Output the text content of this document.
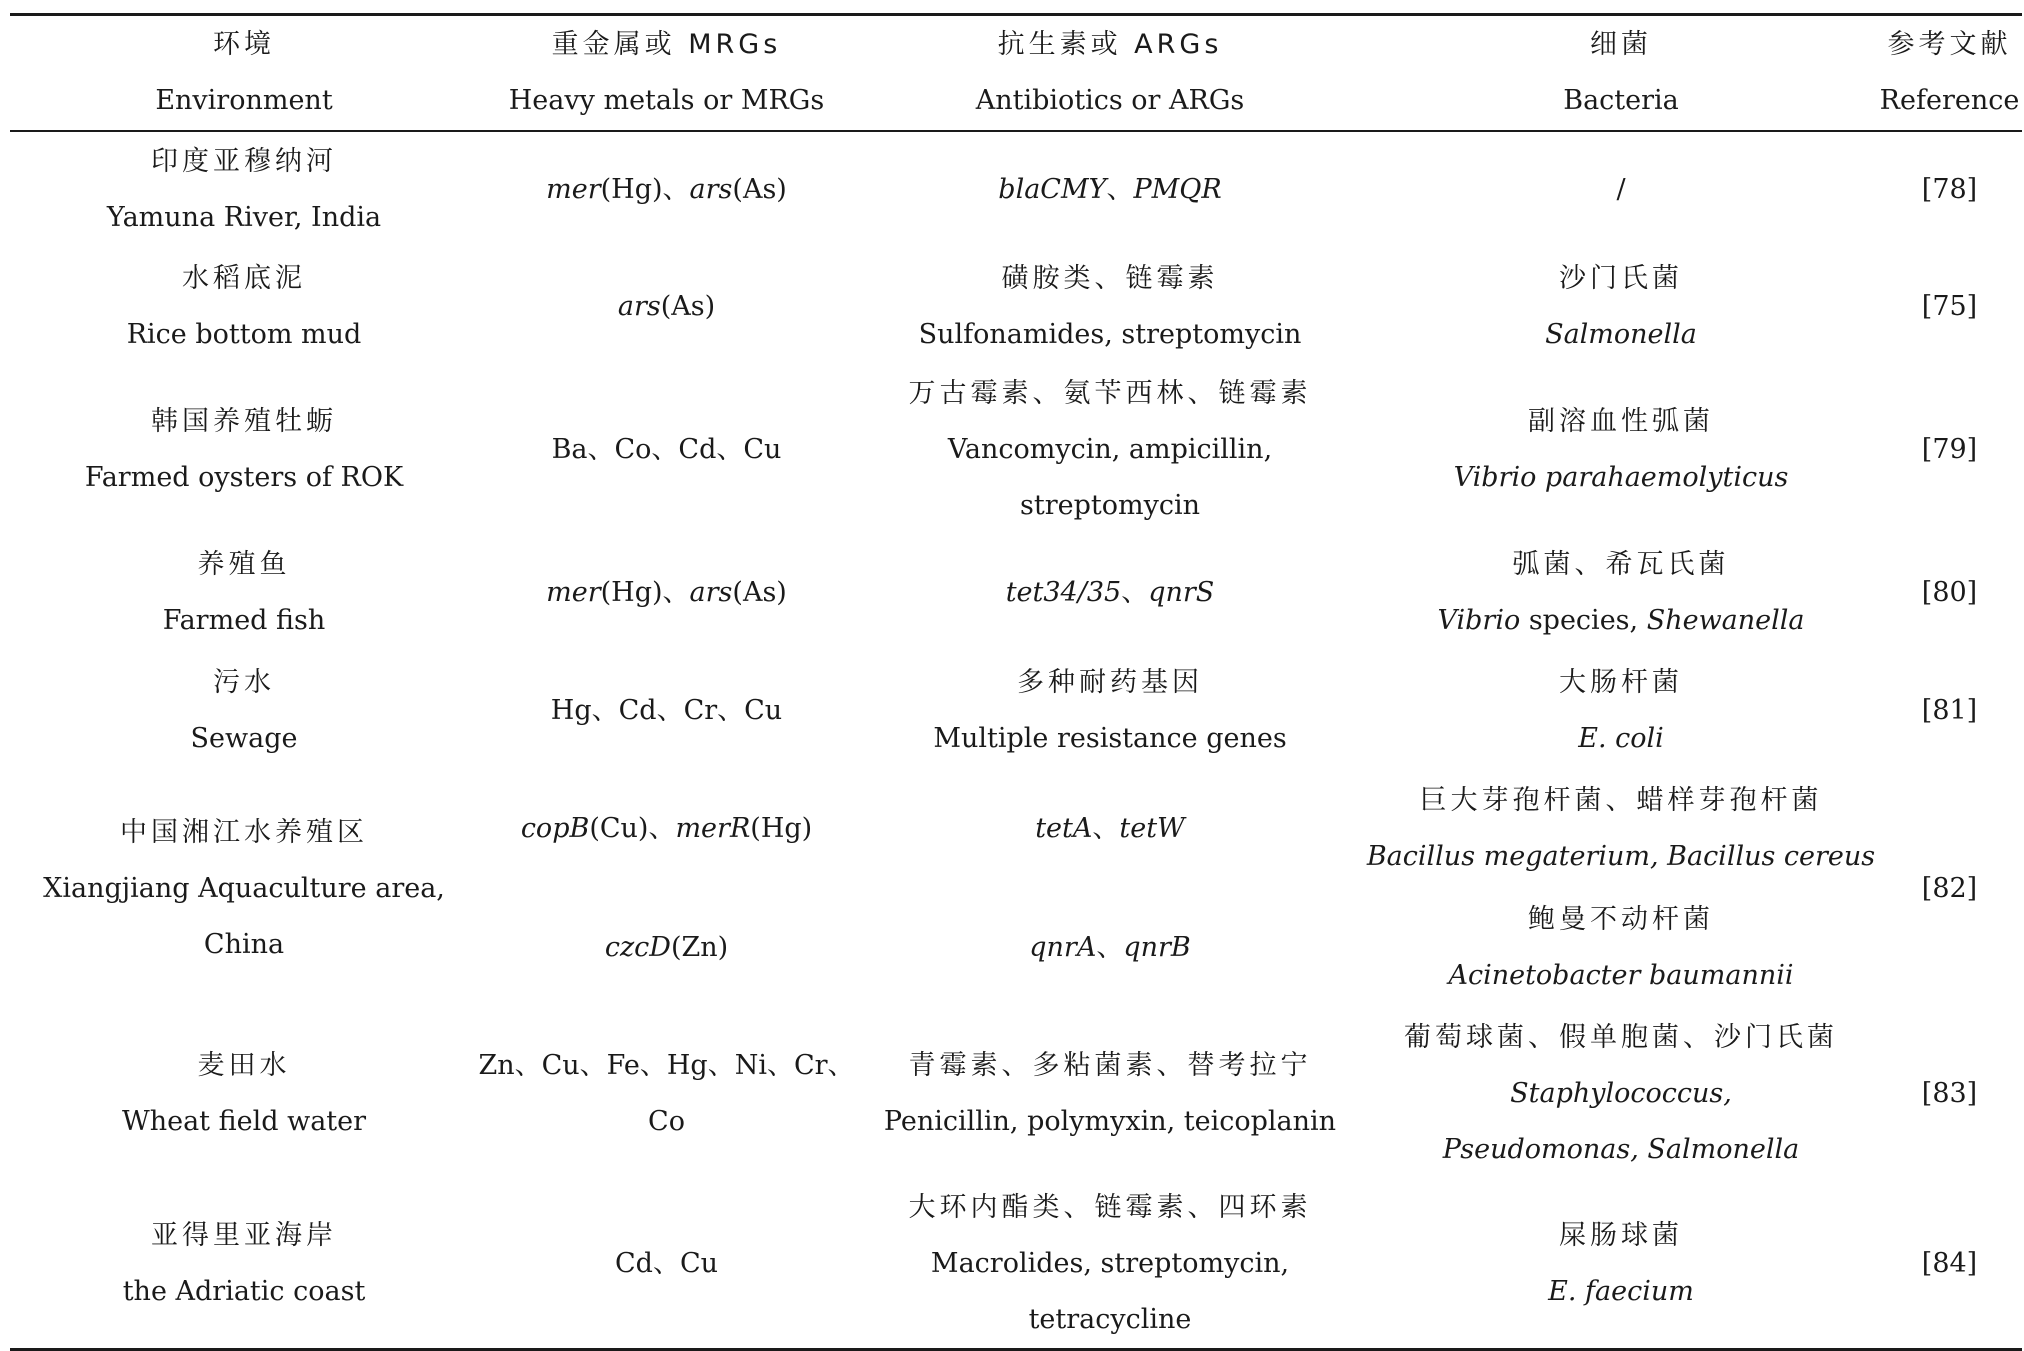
环境
Environment	重金属或 MRGs
Heavy metals or MRGs	抗生素或 ARGs
Antibiotics or ARGs	细菌
Bacteria	参考文献
Reference

印度亚穆纳河
Yamuna River, India	mer(Hg)、ars(As)	blaCMY、PMQR	/	[78]

水稻底泥
Rice bottom mud	ars(As)	磺胺类、链霉素
Sulfonamides, streptomycin	沙门氏菌
Salmonella	[75]

韩国养殖牡蛎
Farmed oysters of ROK	Ba、Co、Cd、Cu	万古霉素、氨苄西林、链霉素
Vancomycin, ampicillin, streptomycin	副溶血性弧菌
Vibrio parahaemolyticus	[79]

养殖鱼
Farmed fish	mer(Hg)、ars(As)	tet34/35、qnrS	弧菌、希瓦氏菌
Vibrio species, Shewanella	[80]

污水
Sewage	Hg、Cd、Cr、Cu	多种耐药基因
Multiple resistance genes	大肠杆菌
E. coli	[81]

中国湘江水养殖区
Xiangjiang Aquaculture area,
China	copB(Cu)、merR(Hg)	tetA、tetW	巨大芽孢杆菌、蜡样芽孢杆菌
Bacillus megaterium, Bacillus cereus	[82]
	czcD(Zn)	qnrA、qnrB	鲍曼不动杆菌
Acinetobacter baumannii	

麦田水
Wheat field water	Zn、Cu、Fe、Hg、Ni、Cr、Co	青霉素、多粘菌素、替考拉宁
Penicillin, polymyxin, teicoplanin	葡萄球菌、假单胞菌、沙门氏菌
Staphylococcus,
Pseudomonas, Salmonella	[83]

亚得里亚海岸
the Adriatic coast	Cd、Cu	大环内酯类、链霉素、四环素
Macrolides, streptomycin, tetracycline	屎肠球菌
E. faecium	[84]
